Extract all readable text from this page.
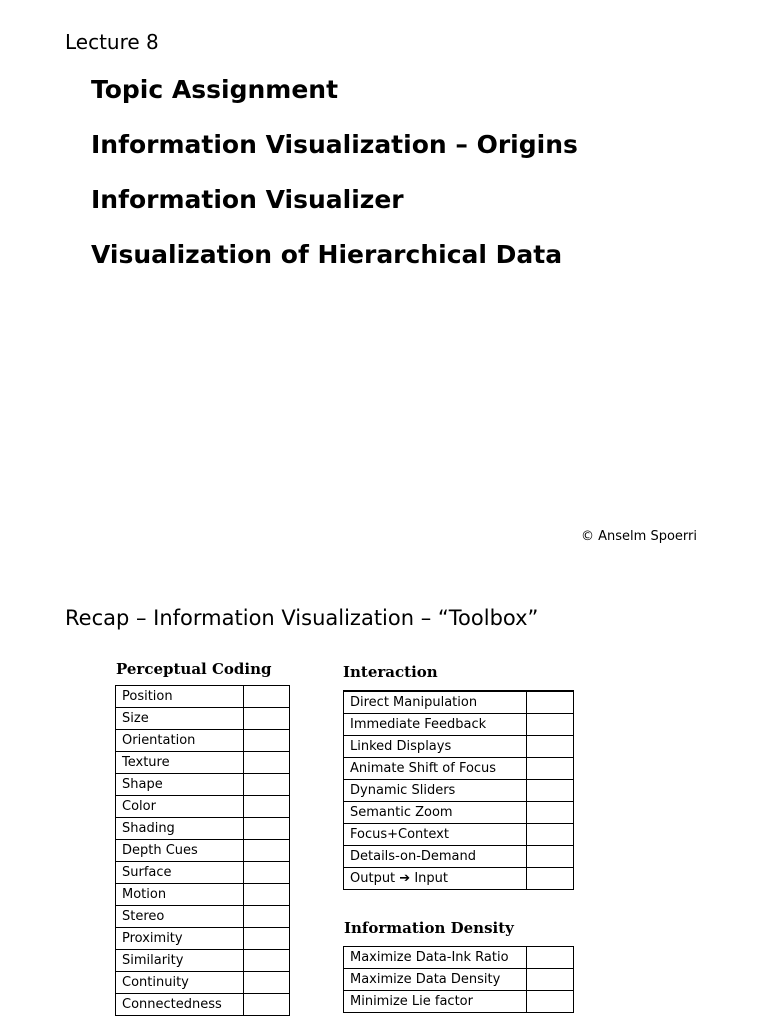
Lecture 8
Topic Assignment
Information Visualization – Origins
Information Visualizer
Visualization of Hierarchical Data
© Anselm Spoerri
Recap – Information Visualization – “Toolbox”
Perceptual Coding
Position	
Size	
Orientation	
Texture	
Shape	
Color	
Shading	
Depth Cues	
Surface	
Motion	
Stereo	
Proximity	
Similarity	
Continuity	
Connectedness	
Interaction
Direct Manipulation	
Immediate Feedback	
Linked Displays	
Animate Shift of Focus	
Dynamic Sliders	
Semantic Zoom	
Focus+Context	
Details-on-Demand	
Output ➔ Input	
Information Density
Maximize Data-Ink Ratio	
Maximize Data Density	
Minimize Lie factor	
